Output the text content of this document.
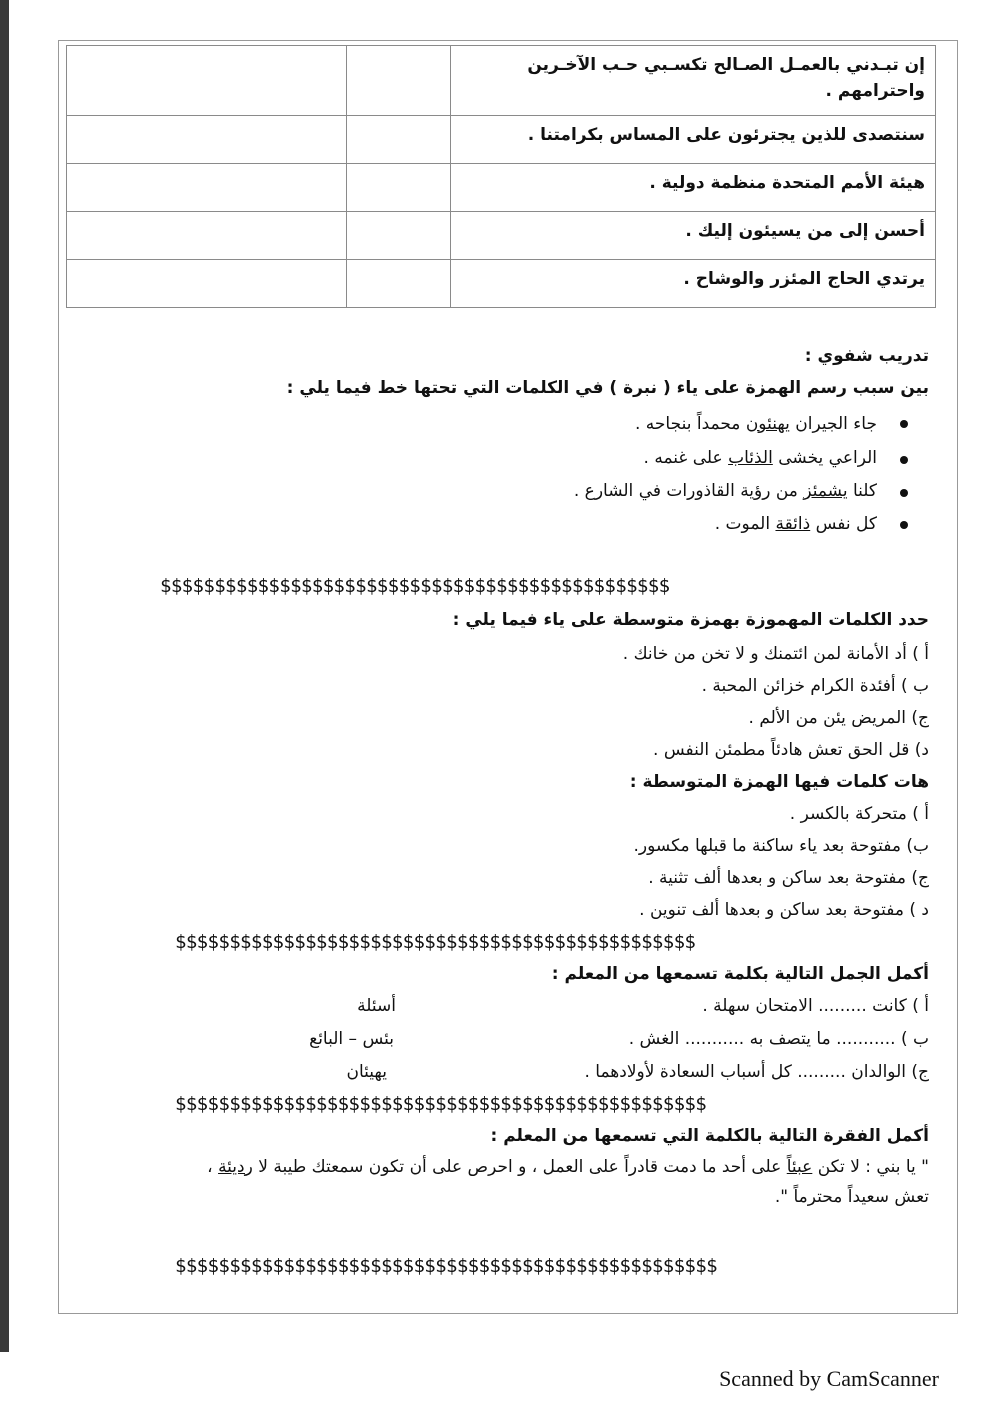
		إن تبـدني بالعمـل الصـالح تكسـبي حـب الآخـرين واحترامهم .
		سنتصدى للذين يجترئون على المساس بكرامتنا .
		هيئة الأمم المتحدة منظمة دولية .
		أحسن إلى من يسيئون إليك .
		يرتدي الحاج المئزر والوشاح .
تدريب شفوي :
بين سبب رسم الهمزة على ياء ( نبرة ) في الكلمات التي تحتها خط فيما يلي :
جاء الجيران يهنئون محمداً بنجاحه .
الراعي يخشى الذئاب على غنمه .
كلنا يشمئز من رؤية القاذورات في الشارع .
كل نفس ذائقة الموت .
$$$$$$$$$$$$$$$$$$$$$$$$$$$$$$$$$$$$$$$$$$$$$$$
حدد الكلمات المهموزة بهمزة متوسطة على ياء فيما يلي :
أ ) أد الأمانة لمن ائتمنك و لا تخن من خانك .
ب ) أفئدة الكرام خزائن المحبة .
ج) المريض يئن من الألم .
د) قل الحق تعش هادئاً مطمئن النفس .
هات كلمات فيها الهمزة المتوسطة :
أ ) متحركة بالكسر .
ب) مفتوحة بعد ياء ساكنة ما قبلها مكسور.
ج) مفتوحة بعد ساكن و بعدها ألف تثنية .
د ) مفتوحة بعد ساكن و بعدها ألف تنوين .
$$$$$$$$$$$$$$$$$$$$$$$$$$$$$$$$$$$$$$$$$$$$$$$$
أكمل الجمل التالية بكلمة تسمعها من المعلم :
أ ) كانت ......... الامتحان سهلة .
أسئلة
ب ) ........... ما يتصف به ........... الغش .
بئس – البائع
ج) الوالدان ......... كل أسباب السعادة لأولادهما .
يهيئان
$$$$$$$$$$$$$$$$$$$$$$$$$$$$$$$$$$$$$$$$$$$$$$$$$
أكمل الفقرة التالية بالكلمة التي تسمعها من المعلم :
" يا بني : لا تكن عبئاً على أحد ما دمت قادراً على العمل ، و احرص على أن تكون سمعتك طيبة لا رديئة ،
تعش سعيداً محترماً ".
$$$$$$$$$$$$$$$$$$$$$$$$$$$$$$$$$$$$$$$$$$$$$$$$$$
Scanned by CamScanner
